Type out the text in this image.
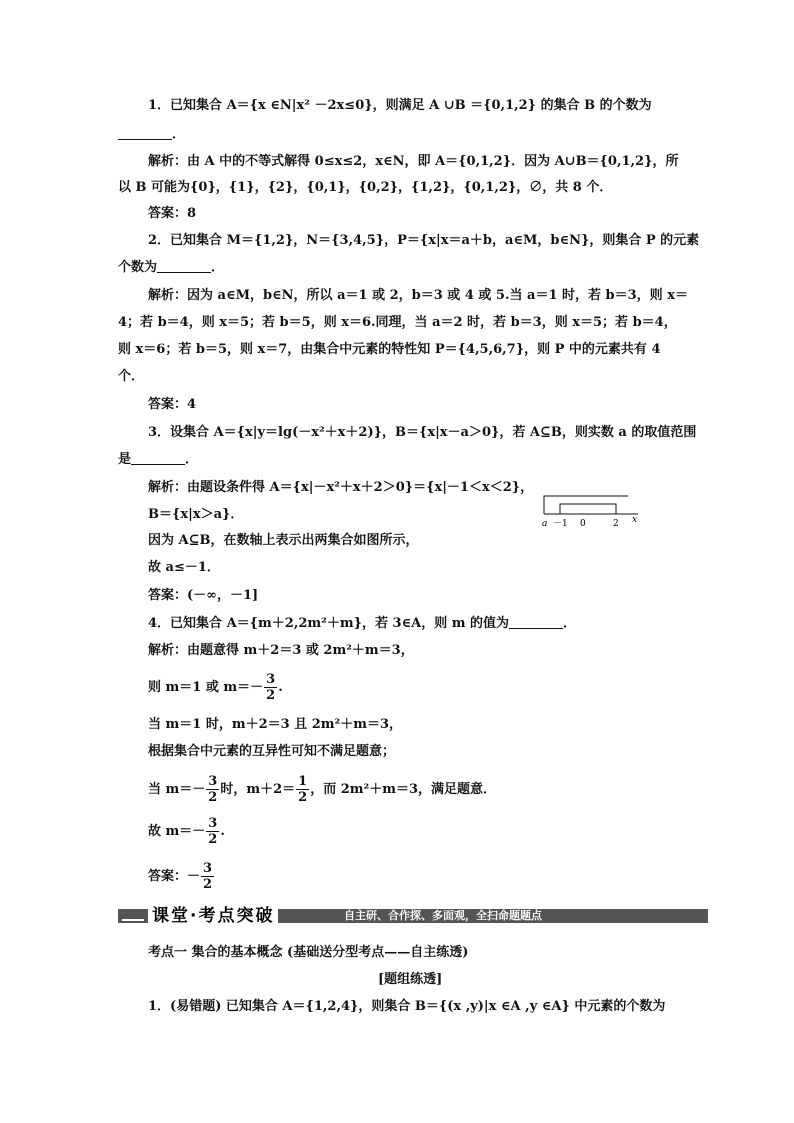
1．已知集合 A＝{x ∈N|x² －2x≤0}，则满足 A ∪B ＝{0,1,2} 的集合 B 的个数为
．
解析：由 A 中的不等式解得 0≤x≤2，x∈N，即 A＝{0,1,2}．因为 A∪B＝{0,1,2}，所
以 B 可能为{0}，{1}，{2}，{0,1}，{0,2}，{1,2}，{0,1,2}，∅，共 8 个．
答案：8
2．已知集合 M＝{1,2}，N＝{3,4,5}，P＝{x|x＝a＋b，a∈M，b∈N}，则集合 P 的元素
个数为	．
解析：因为 a∈M，b∈N，所以 a＝1 或 2，b＝3 或 4 或 5.当 a＝1 时，若 b＝3，则 x＝
4；若 b＝4，则 x＝5；若 b＝5，则 x＝6.同理，当 a＝2 时，若 b＝3，则 x＝5；若 b＝4，
则 x＝6；若 b＝5，则 x＝7，由集合中元素的特性知 P＝{4,5,6,7}，则 P 中的元素共有 4
个．
答案：4
3．设集合 A＝{x|y＝lg(－x²＋x＋2)}，B＝{x|x－a＞0}，若 A⊆B，则实数 a 的取值范围
是	．
解析：由题设条件得 A＝{x|－x²＋x＋2＞0}＝{x|－1＜x＜2}，
B＝{x|x＞a}．
因为 A⊆B，在数轴上表示出两集合如图所示，
故 a≤－1．
答案：(－∞，－1]
a －1 0	2 x
4．已知集合 A＝{m＋2,2m²＋m}，若 3∈A，则 m 的值为	．
解析：由题意得 m＋2＝3 或 2m²＋m＝3，
则 m＝1 或 $m=- \frac{3}{2}$ .
当 m＝1 时，m＋2＝3 且 2m²＋m＝3，
根据集合中元素的互异性可知不满足题意；
当 $m=- \frac{3}{2}$ 时，$m+2= \frac{1}{2}$ ，而 2m²＋m＝3，满足题意．
故 $m=- \frac{3}{2}$ .
答案：－ $\frac{3}{2}$
课堂·考点突破	自主研、合作探、多面观，全扫命题题点
考点一 集合的基本概念 (基础送分型考点——自主练透)
[题组练透]
1．(易错题) 已知集合 A＝{1,2,4}，则集合 B＝{(x ,y)|x ∈A ,y ∈A} 中元素的个数为
